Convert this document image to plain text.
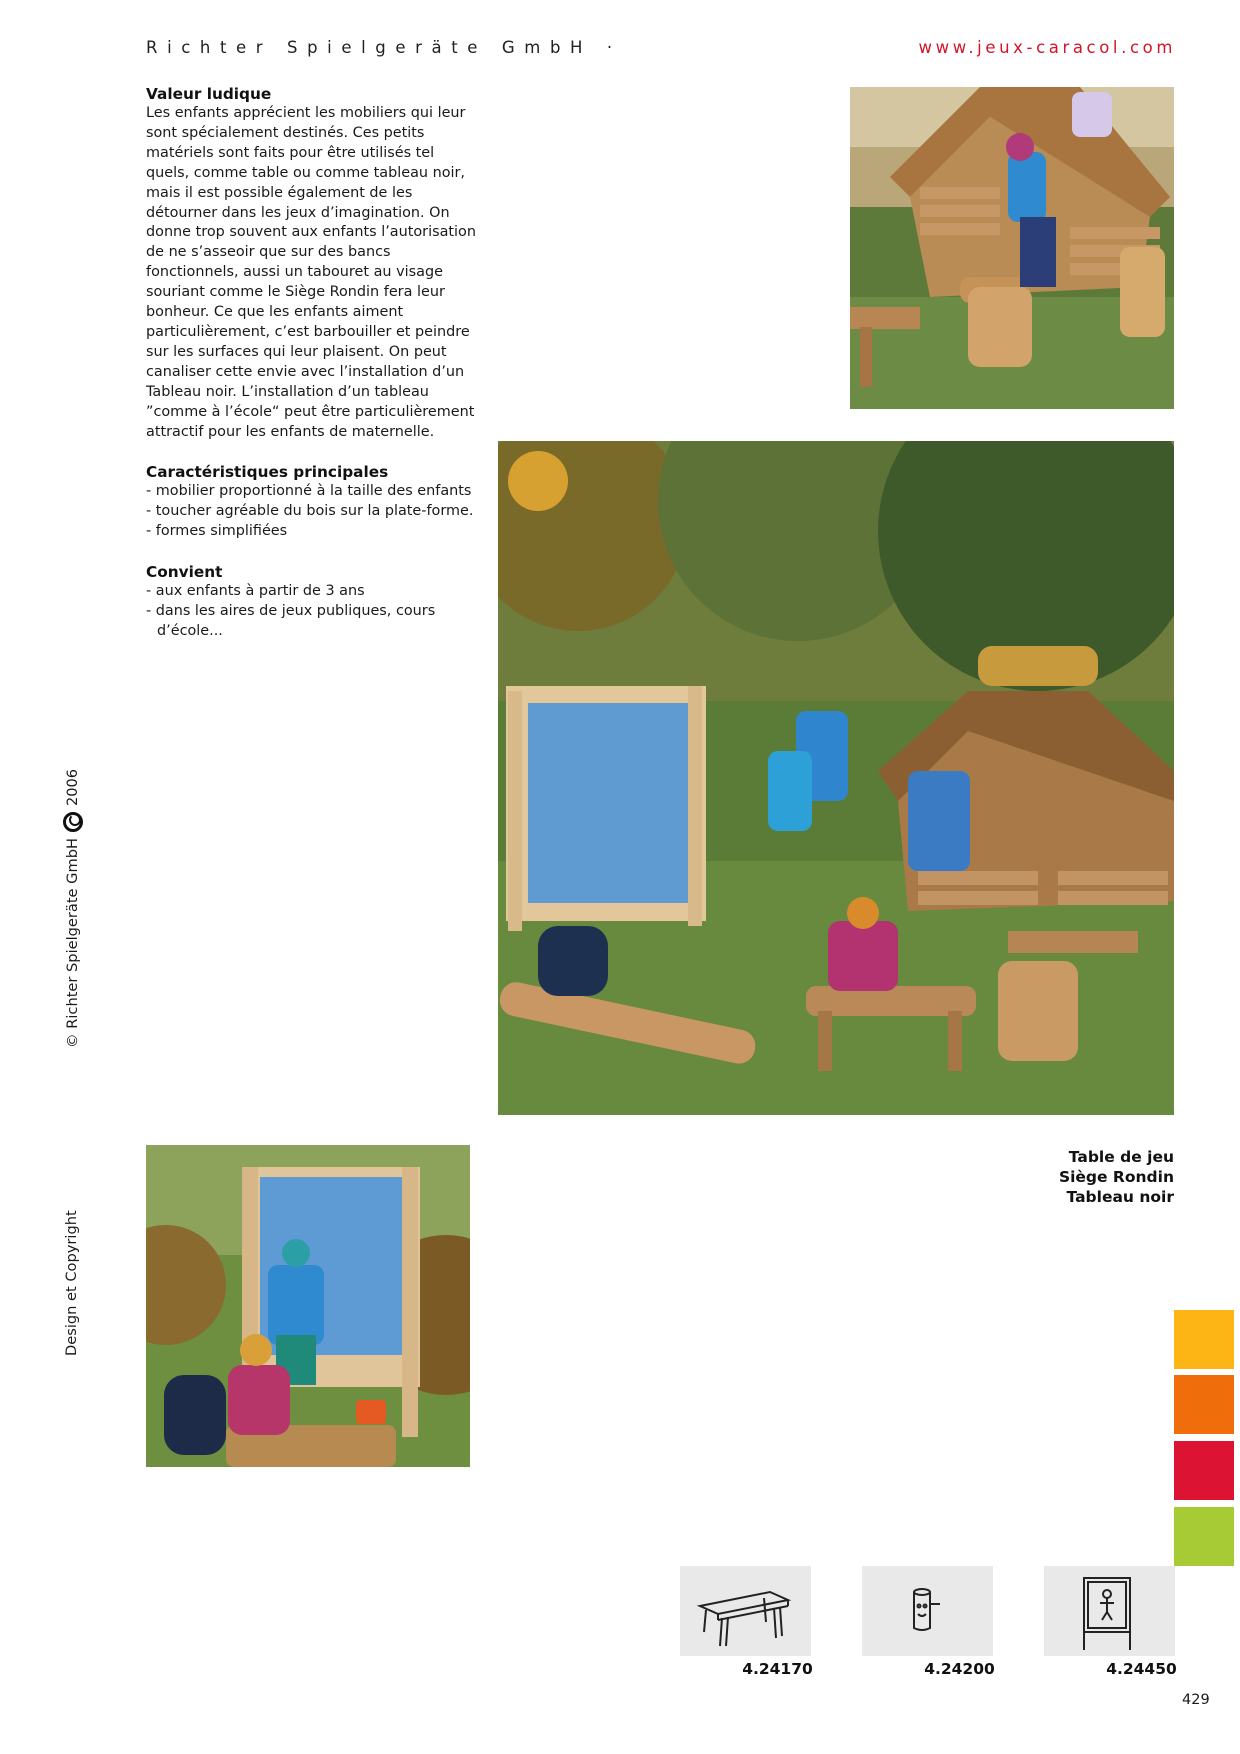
Richter Spielgeräte GmbH ·	www.jeux-caracol.com
Valeur ludique

Les enfants apprécient les mobiliers qui leur sont spécialement destinés. Ces petits matériels sont faits pour être utilisés tel quels, comme table ou comme tableau noir, mais il est possible également de les détourner dans les jeux d’imagination. On donne trop souvent aux enfants l’autorisation de ne s’asseoir que sur des bancs fonctionnels, aussi un tabouret au visage souriant comme le Siège Rondin fera leur bonheur. Ce que les enfants aiment particulièrement, c’est barbouiller et peindre sur les surfaces qui leur plaisent. On peut canaliser cette envie avec l’installation d’un Tableau noir. L’installation d’un tableau ”comme à l’école“ peut être particulièrement attractif pour les enfants de maternelle.

Caractéristiques principales
- mobilier proportionné à la taille des enfants
- toucher agréable du bois sur la plate-forme.
- formes simplifiées
Convient
- aux enfants à partir de 3 ans
- dans les aires de jeux publiques, cours d’école...
© Richter Spielgeräte GmbH2006
Design et Copyright
Table de jeu
Siège Rondin
Tableau noir
4.24170	4.24200	4.24450
429
